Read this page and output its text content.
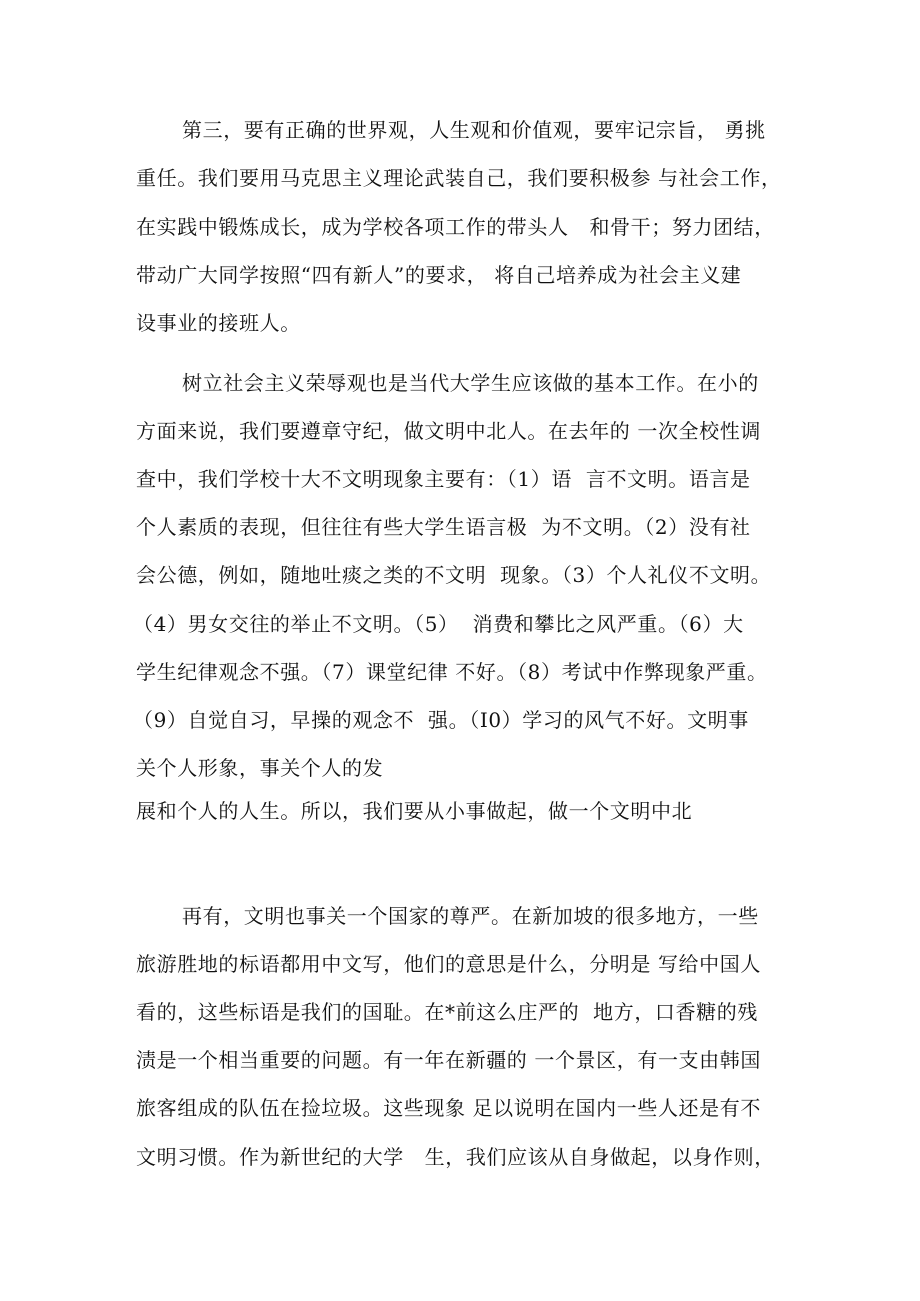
第三，要有正确的世界观，人生观和价值观，要牢记宗旨， 勇挑
重任。我们要用马克思主义理论武装自己，我们要积极参 与社会工作，
在实践中锻炼成长，成为学校各项工作的带头人   和骨干；努力团结，
带动广大同学按照“四有新人”的要求， 将自己培养成为社会主义建
设事业的接班人。
树立社会主义荣辱观也是当代大学生应该做的基本工作。在小的
方面来说，我们要遵章守纪，做文明中北人。在去年的 一次全校性调
查中，我们学校十大不文明现象主要有：（1）语  言不文明。语言是
个人素质的表现，但往往有些大学生语言极  为不文明。（2）没有社
会公德，例如，随地吐痰之类的不文明  现象。（3）个人礼仪不文明。
（4）男女交往的举止不文明。（5）  消费和攀比之风严重。（6）大
学生纪律观念不强。（7）课堂纪律 不好。（8）考试中作弊现象严重。
（9）自觉自习，早操的观念不  强。（I0）学习的风气不好。文明事
关个人形象，事关个人的发
展和个人的人生。所以，我们要从小事做起，做一个文明中北
再有，文明也事关一个国家的尊严。在新加坡的很多地方，一些
旅游胜地的标语都用中文写，他们的意思是什么，分明是 写给中国人
看的，这些标语是我们的国耻。在*前这么庄严的  地方，口香糖的残
渍是一个相当重要的问题。有一年在新疆的 一个景区，有一支由韩国
旅客组成的队伍在捡垃圾。这些现象 足以说明在国内一些人还是有不
文明习惯。作为新世纪的大学   生，我们应该从自身做起，以身作则，
